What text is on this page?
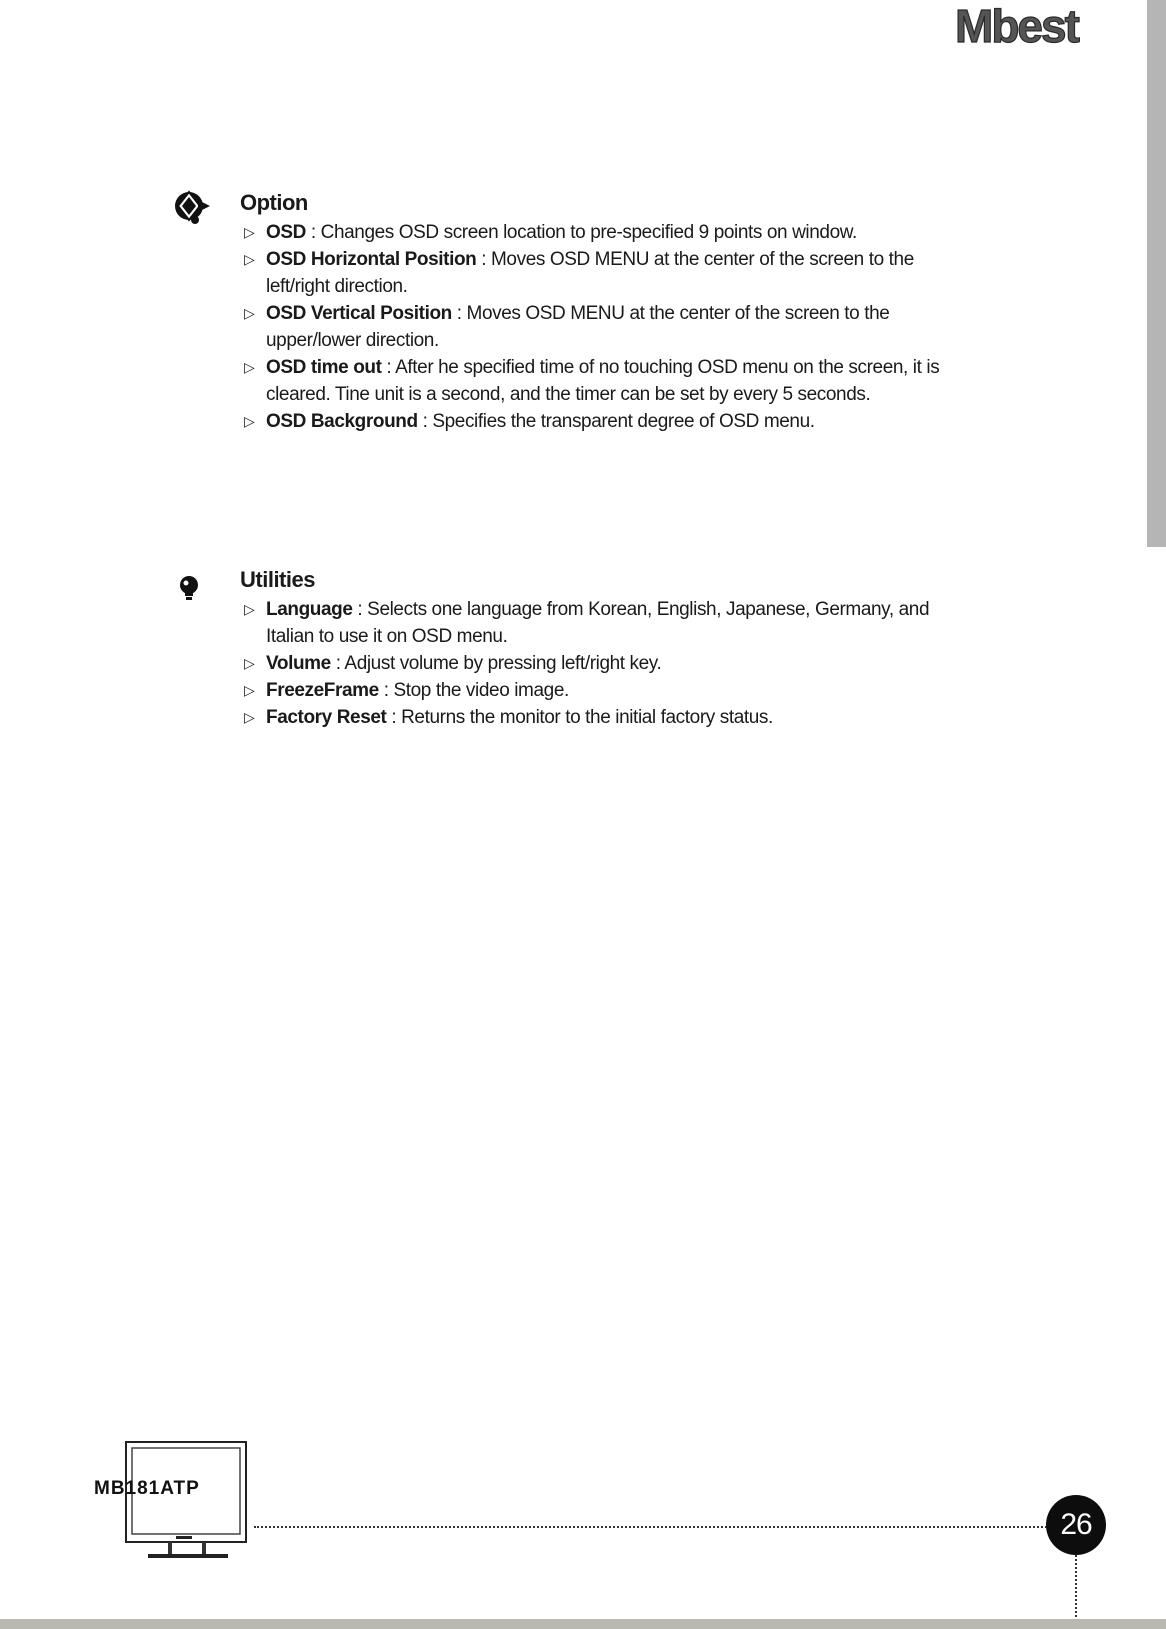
Mbest
Option
▷ OSD : Changes OSD screen location to pre-specified 9 points on window.
▷ OSD Horizontal Position : Moves OSD MENU at the center of the screen to the left/right direction.
▷ OSD Vertical Position : Moves OSD MENU at the center of the screen to the upper/lower direction.
▷ OSD time out : After he specified time of no touching OSD menu on the screen, it is cleared. Tine unit is a second, and the timer can be set by every 5 seconds.
▷ OSD Background : Specifies the transparent degree of OSD menu.
Utilities
▷ Language : Selects one language from Korean, English, Japanese, Germany, and Italian to use it on OSD menu.
▷ Volume : Adjust volume by pressing left/right key.
▷ FreezeFrame : Stop the video image.
▷ Factory Reset : Returns the monitor to the initial factory status.
MB181ATP
26
